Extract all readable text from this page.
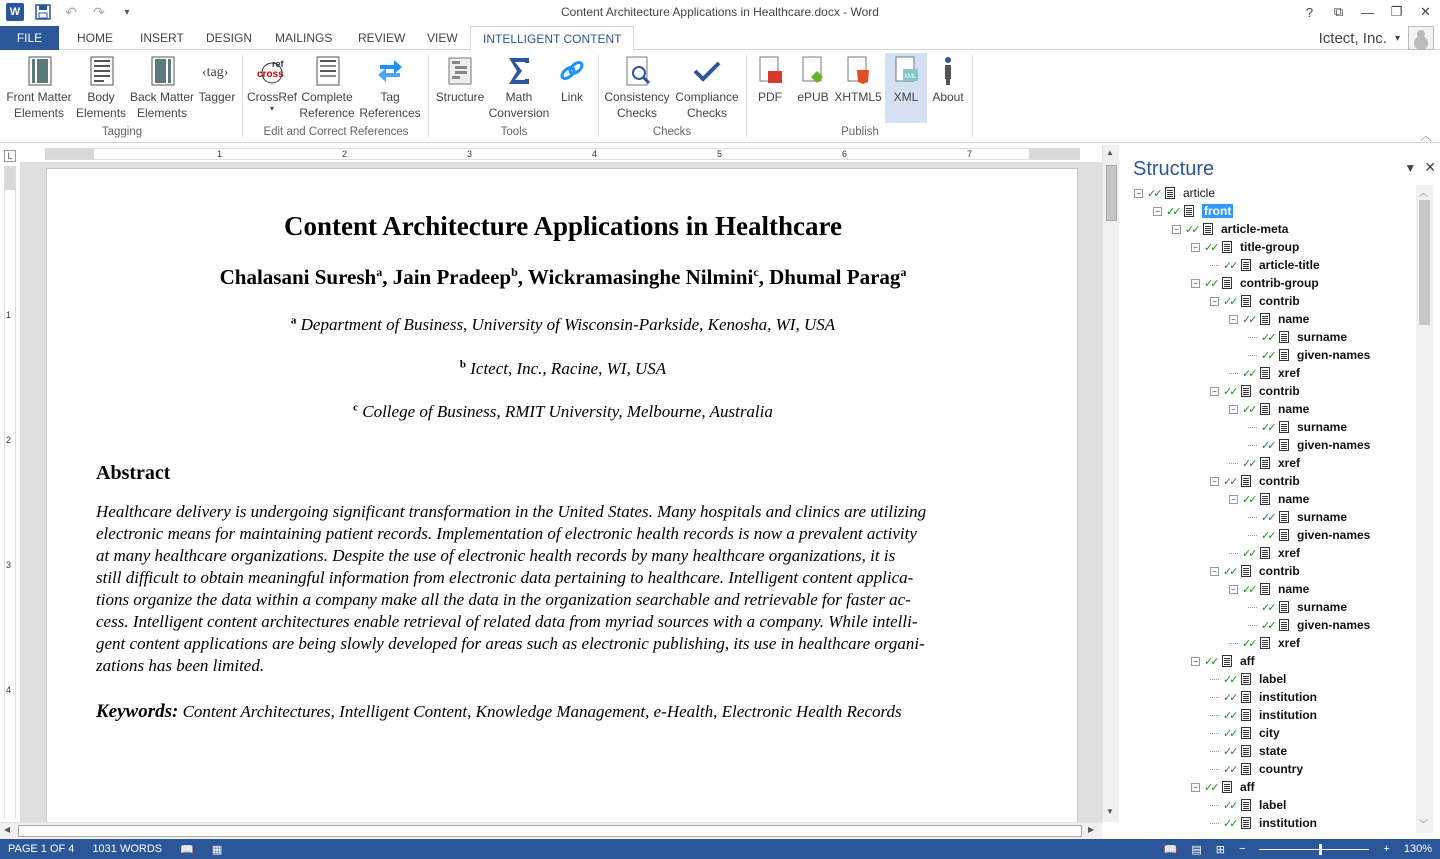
W	↶ ↷	▾	Content Architecture Applications in Healthcare.docx - Word	?	⧉	—	❐	✕
FILE	HOME	INSERT	DESIGN	MAILINGS	REVIEW	VIEW	INTELLIGENT CONTENT	Ictect, Inc. ▾
Front Matter Elements
Body Elements
Back Matter Elements
‹tag›
Tagger
Tagging
cross
ref
CrossRef
▾
Complete Reference
Tag References
Edit and Correct References
Structure	Math Conversion
Link
Tools
Consistency Checks
Compliance Checks
Checks
PDF ePUB XHTML5
XML
XML About
Publish	︿
L	1	2	3	4	5	6	7
1
2
3
4
Content Architecture Applications in Healthcare
Chalasani Suresh$^a$, Jain Pradeep$^b$, Wickramasinghe Nilmini$^c$, Dhumal Parag$^a$
$^a$ Department of Business, University of Wisconsin-Parkside, Kenosha, WI, USA
$^b$ Ictect, Inc., Racine, WI, USA
$^c$ College of Business, RMIT University, Melbourne, Australia
Abstract
Healthcare delivery is undergoing significant transformation in the United States. Many hospitals and clinics are utilizing
electronic means for maintaining patient records. Implementation of electronic health records is now a prevalent activity
at many healthcare organizations. Despite the use of electronic health records by many healthcare organizations, it is
still difficult to obtain meaningful information from electronic data pertaining to healthcare. Intelligent content applica-
tions organize the data within a company make all the data in the organization searchable and retrievable for faster ac-
cess. Intelligent content architectures enable retrieval of related data from myriad sources with a company. While intelli-
gent content applications are being slowly developed for areas such as electronic publishing, its use in healthcare organi-
zations has been limited.
Keywords: Content Architectures, Intelligent Content, Knowledge Management, e-Health, Electronic Health Records
▲
▼
◀	▶
Structure	▼ ✕
− ✓✓ article
− ✓✓ front
− ✓✓ article-meta
− ✓✓ title-group
✓✓ article-title
− ✓✓ contrib-group
− ✓✓ contrib
− ✓✓ name
✓✓ surname
✓✓ given-names
✓✓ xref
− ✓✓ contrib
− ✓✓ name
✓✓ surname
✓✓ given-names
✓✓ xref
− ✓✓ contrib
− ✓✓ name
✓✓ surname
✓✓ given-names
✓✓ xref
− ✓✓ contrib
− ✓✓ name
✓✓ surname
✓✓ given-names
✓✓ xref
− ✓✓ aff
✓✓ label
✓✓ institution
✓✓ institution
✓✓ city
✓✓ state
✓✓ country
− ✓✓ aff
✓✓ label
✓✓ institution
︿
﹀
PAGE 1 OF 4 1031 WORDS 📖 ▦	📖 ▤ ⊞ −	+ 130%
